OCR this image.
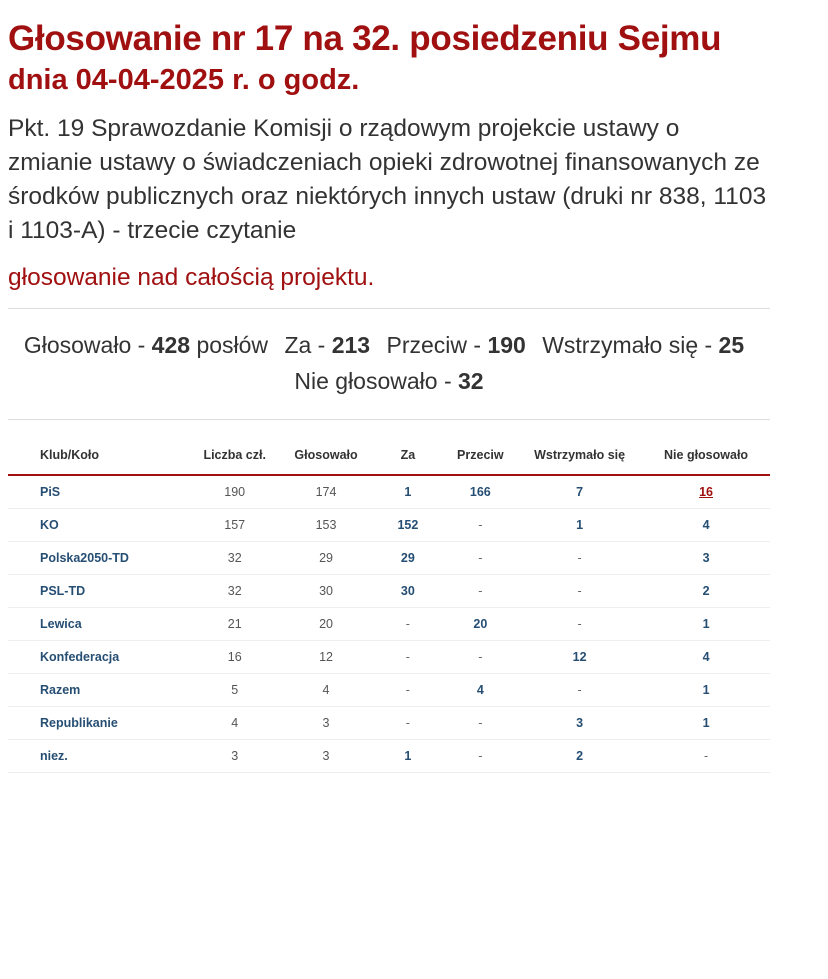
Głosowanie nr 17 na 32. posiedzeniu Sejmu
dnia 04-04-2025 r. o godz.

Pkt. 19 Sprawozdanie Komisji o rządowym projekcie ustawy o zmianie ustawy o świadczeniach opieki zdrowotnej finansowanych ze środków publicznych oraz niektórych innych ustaw (druki nr 838, 1103 i 1103-A) - trzecie czytanie

głosowanie nad całością projektu.

Głosowało - 428 posłów Za - 213 Przeciw - 190 Wstrzymało się - 25 Nie głosowało - 32
Klub/Koło	Liczba czł.	Głosowało	Za	Przeciw	Wstrzymało się	Nie głosowało
PiS	190	174	1	166	7	16
KO	157	153	152	-	1	4
Polska2050-TD	32	29	29	-	-	3
PSL-TD	32	30	30	-	-	2
Lewica	21	20	-	20	-	1
Konfederacja	16	12	-	-	12	4
Razem	5	4	-	4	-	1
Republikanie	4	3	-	-	3	1
niez.	3	3	1	-	2	-
